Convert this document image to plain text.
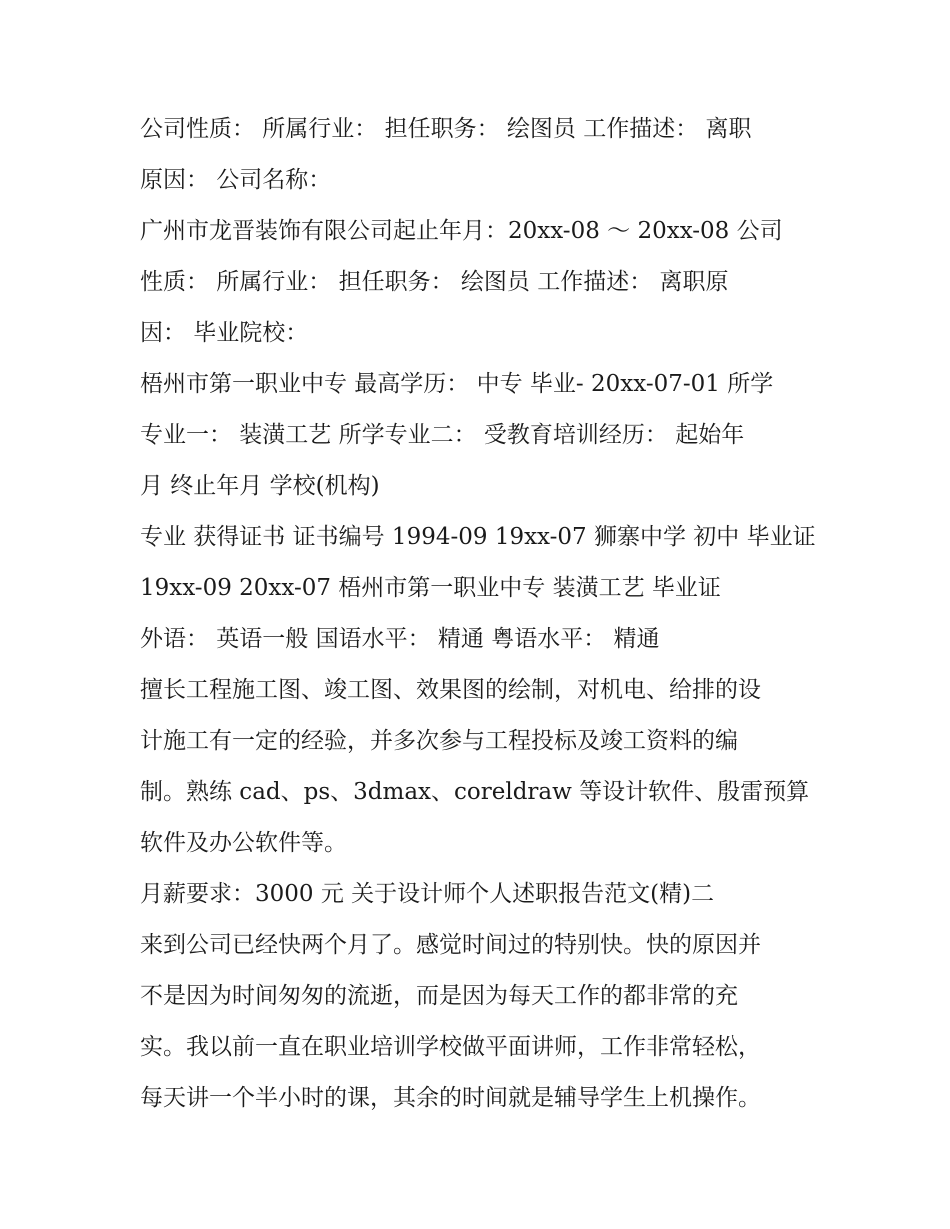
公司性质： 所属行业： 担任职务： 绘图员 工作描述： 离职
原因： 公司名称：
广州市龙晋装饰有限公司起止年月：20xx-08 ～ 20xx-08 公司
性质： 所属行业： 担任职务： 绘图员 工作描述： 离职原
因： 毕业院校：
梧州市第一职业中专 最高学历： 中专 毕业- 20xx-07-01 所学
专业一： 装潢工艺 所学专业二： 受教育培训经历： 起始年
月 终止年月 学校(机构)
专业 获得证书 证书编号 1994-09 19xx-07 狮寨中学 初中 毕业证
19xx-09 20xx-07 梧州市第一职业中专 装潢工艺 毕业证
外语： 英语一般 国语水平： 精通 粤语水平： 精通
擅长工程施工图、竣工图、效果图的绘制，对机电、给排的设
计施工有一定的经验，并多次参与工程投标及竣工资料的编
制。熟练 cad、ps、3dmax、coreldraw 等设计软件、殷雷预算
软件及办公软件等。
月薪要求：3000 元 关于设计师个人述职报告范文(精)二
来到公司已经快两个月了。感觉时间过的特别快。快的原因并
不是因为时间匆匆的流逝，而是因为每天工作的都非常的充
实。我以前一直在职业培训学校做平面讲师，工作非常轻松，
每天讲一个半小时的课，其余的时间就是辅导学生上机操作。
